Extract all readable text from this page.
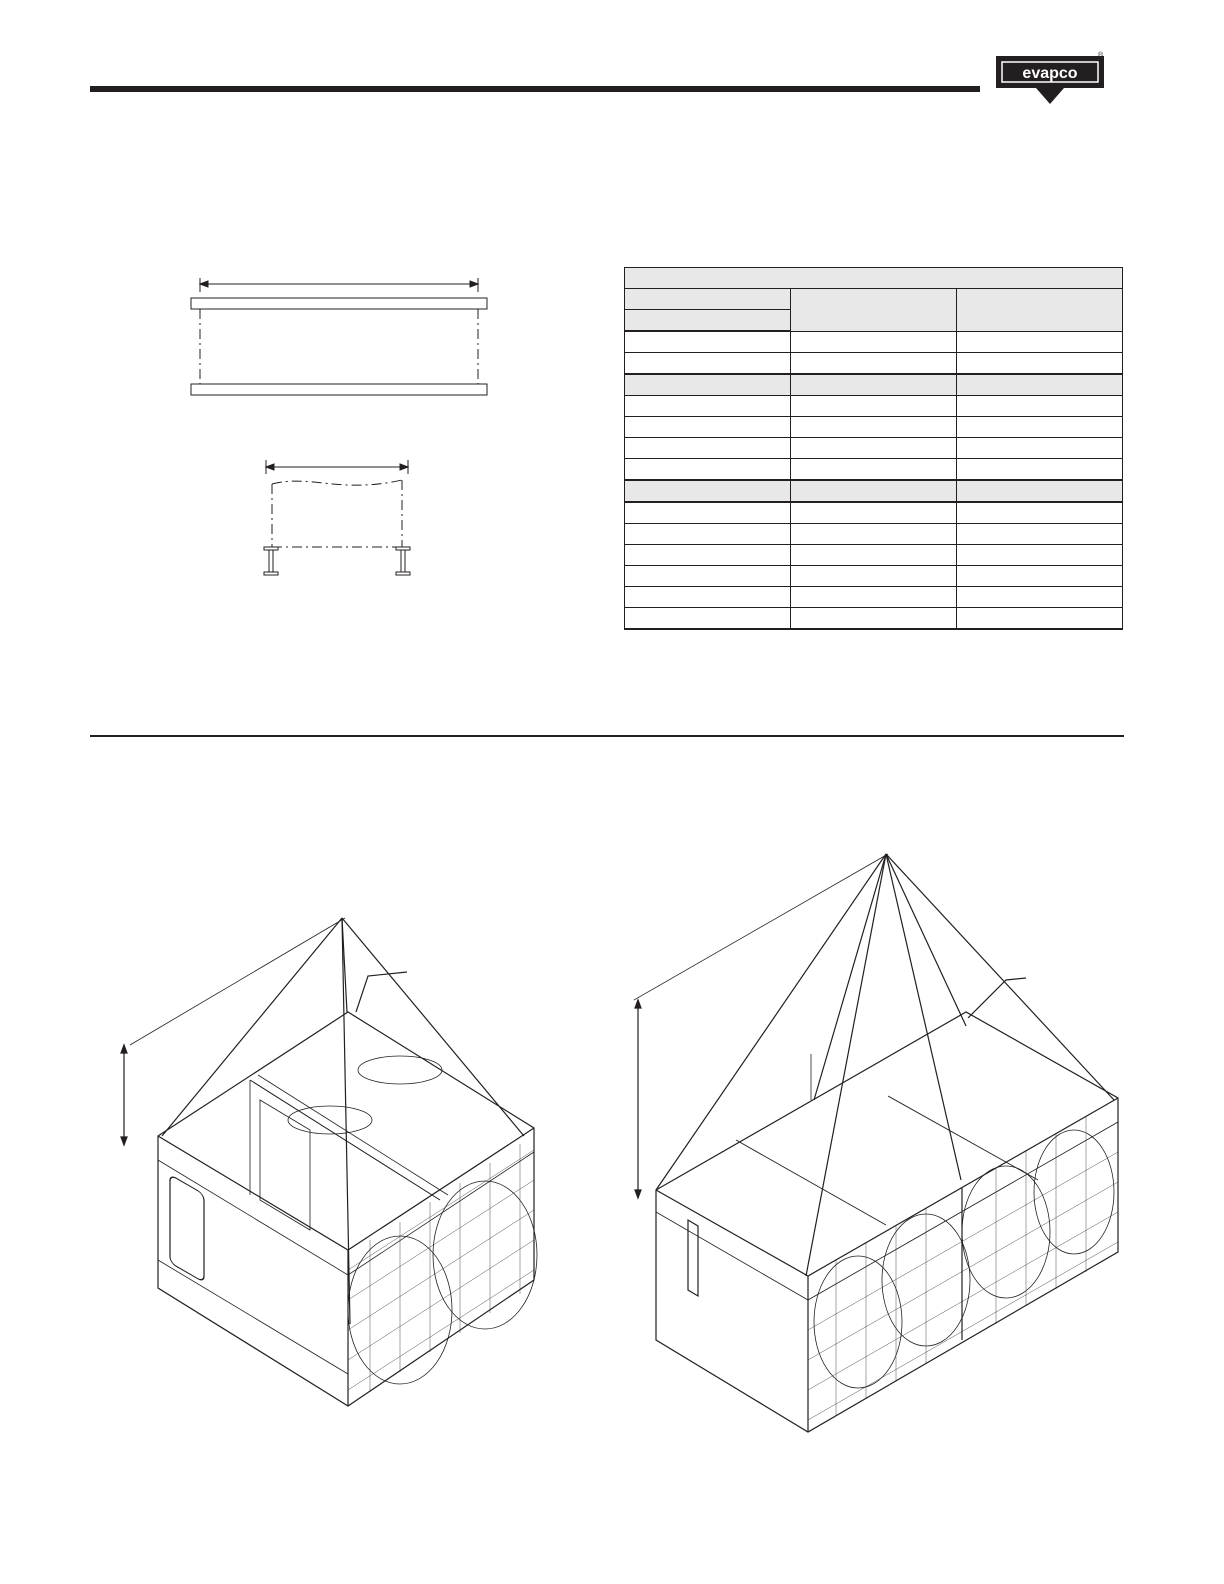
evapco
®
